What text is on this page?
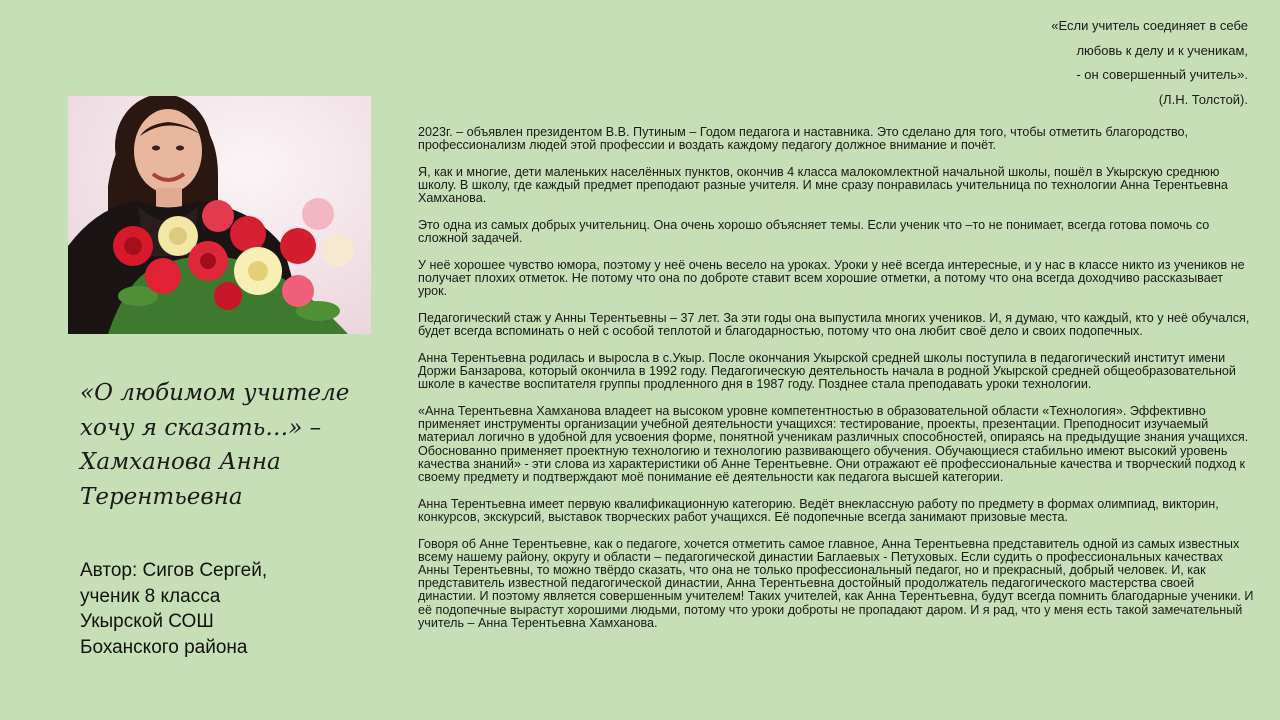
«Если учитель соединяет в себе
любовь к делу и к ученикам,
- он совершенный учитель».
(Л.Н. Толстой).
«О любимом учителе хочу я сказать…» – Хамханова Анна Терентьевна
Автор: Сигов Сергей,
ученик 8 класса
Укырской СОШ
Боханского района

2023г. – объявлен президентом В.В. Путиным – Годом педагога и наставника. Это сделано для того, чтобы отметить благородство, профессионализм людей этой профессии и воздать каждому педагогу должное внимание и почёт.

Я, как и многие, дети маленьких населённых пунктов, окончив 4 класса малокомлектной начальной школы, пошёл в Укырскую среднюю школу. В школу, где каждый предмет преподают разные учителя. И мне сразу понравилась учительница по технологии Анна Терентьевна Хамханова.

Это одна из самых добрых учительниц. Она очень хорошо объясняет темы. Если ученик что –то не понимает, всегда готова помочь со сложной задачей.

У неё хорошее чувство юмора, поэтому у неё очень весело на уроках. Уроки у неё всегда интересные, и у нас в классе никто из учеников не получает плохих отметок. Не потому что она по доброте ставит всем хорошие отметки, а потому что она всегда доходчиво рассказывает урок.

Педагогический стаж у Анны Терентьевны – 37 лет. За эти годы она выпустила многих учеников. И, я думаю, что каждый, кто у неё обучался, будет всегда вспоминать о ней с особой теплотой и благодарностью, потому что она любит своё дело и своих подопечных.

Анна Терентьевна родилась и выросла в с.Укыр. После окончания Укырской средней школы поступила в педагогический институт имени Доржи Банзарова, который окончила в 1992 году. Педагогическую деятельность начала в родной Укырской средней общеобразовательной школе в качестве воспитателя группы продленного дня в 1987 году. Позднее стала преподавать уроки технологии.

«Анна Терентьевна Хамханова владеет на высоком уровне компетентностью в образовательной области «Технология». Эффективно применяет инструменты организации учебной деятельности учащихся: тестирование, проекты, презентации. Преподносит изучаемый материал логично в удобной для усвоения форме, понятной ученикам различных способностей, опираясь на предыдущие знания учащихся. Обоснованно применяет проектную технологию и технологию развивающего обучения. Обучающиеся стабильно имеют высокий уровень качества знаний» - эти слова из характеристики об Анне Терентьевне. Они отражают её профессиональные качества и творческий подход к своему предмету и подтверждают моё понимание её деятельности как педагога высшей категории.

Анна Терентьевна имеет первую квалификационную категорию. Ведёт внеклассную работу по предмету в формах олимпиад, викторин, конкурсов, экскурсий, выставок творческих работ учащихся. Её подопечные всегда занимают призовые места.

Говоря об Анне Терентьевне, как о педагоге, хочется отметить самое главное, Анна Терентьевна представитель одной из самых известных всему нашему району, округу и области – педагогической династии Баглаевых - Петуховых. Если судить о профессиональных качествах Анны Терентьевны, то можно твёрдо сказать, что она не только профессиональный педагог, но и прекрасный, добрый человек. И, как представитель известной педагогической династии, Анна Терентьевна достойный продолжатель педагогического мастерства своей династии. И поэтому является совершенным учителем! Таких учителей, как Анна Терентьевна, будут всегда помнить благодарные ученики. И её подопечные вырастут хорошими людьми, потому что уроки доброты не пропадают даром. И я рад, что у меня есть такой замечательный учитель – Анна Терентьевна Хамханова.
